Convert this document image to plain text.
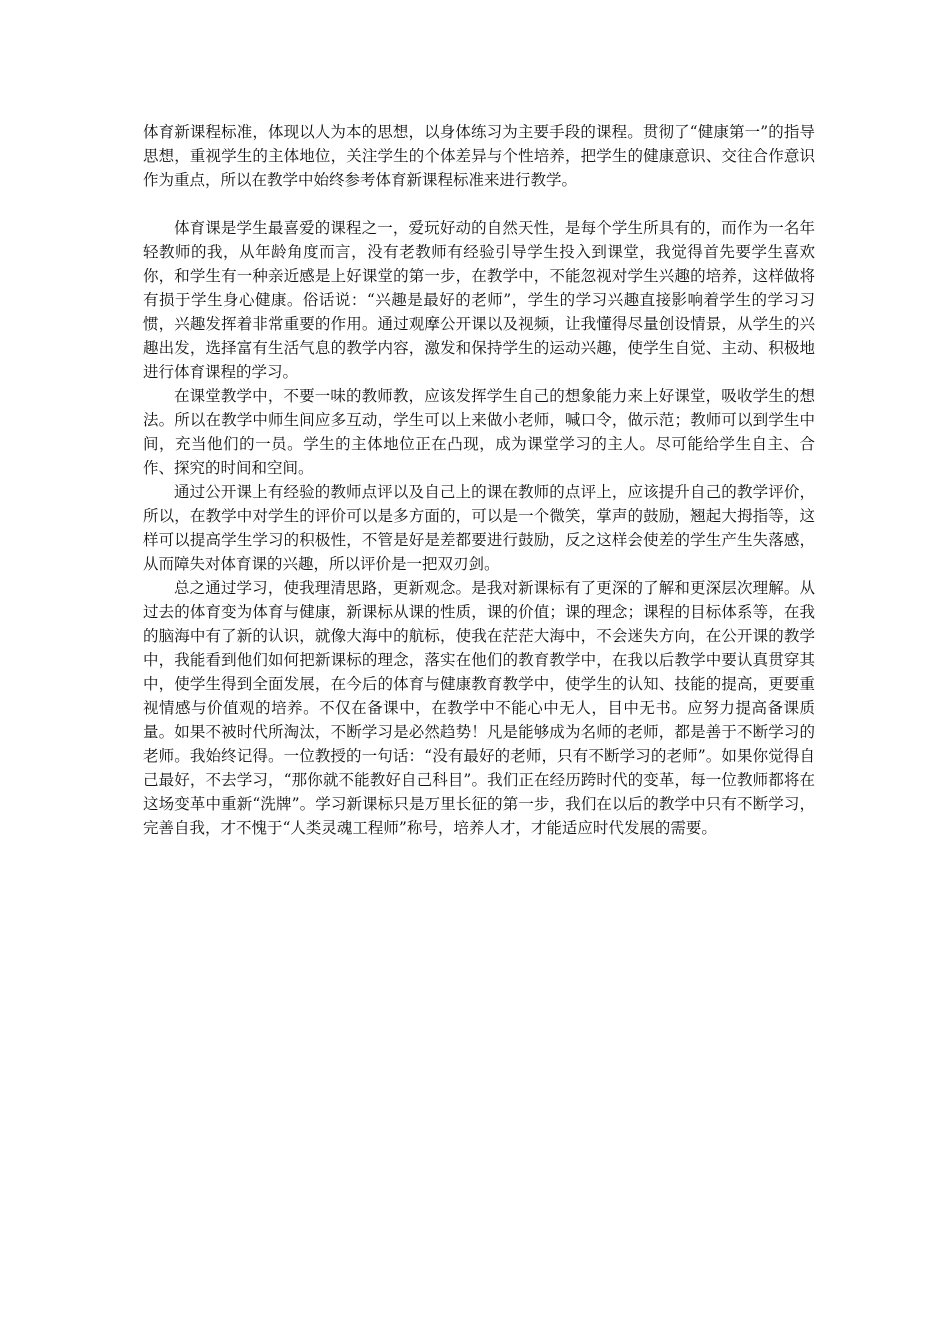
体育新课程标准，体现以人为本的思想，以身体练习为主要手段的课程。贯彻了“健康第一”的指导思想，重视学生的主体地位，关注学生的个体差异与个性培养，把学生的健康意识、交往合作意识作为重点，所以在教学中始终参考体育新课程标准来进行教学。

体育课是学生最喜爱的课程之一，爱玩好动的自然天性，是每个学生所具有的，而作为一名年轻教师的我，从年龄角度而言，没有老教师有经验引导学生投入到课堂，我觉得首先要学生喜欢你，和学生有一种亲近感是上好课堂的第一步，在教学中，不能忽视对学生兴趣的培养，这样做将有损于学生身心健康。俗话说：“兴趣是最好的老师”，学生的学习兴趣直接影响着学生的学习习惯，兴趣发挥着非常重要的作用。通过观摩公开课以及视频，让我懂得尽量创设情景，从学生的兴趣出发，选择富有生活气息的教学内容，激发和保持学生的运动兴趣，使学生自觉、主动、积极地进行体育课程的学习。

在课堂教学中，不要一味的教师教，应该发挥学生自己的想象能力来上好课堂，吸收学生的想法。所以在教学中师生间应多互动，学生可以上来做小老师，喊口令，做示范；教师可以到学生中间，充当他们的一员。学生的主体地位正在凸现，成为课堂学习的主人。尽可能给学生自主、合作、探究的时间和空间。

通过公开课上有经验的教师点评以及自己上的课在教师的点评上，应该提升自己的教学评价，所以，在教学中对学生的评价可以是多方面的，可以是一个微笑，掌声的鼓励，翘起大拇指等，这样可以提高学生学习的积极性，不管是好是差都要进行鼓励，反之这样会使差的学生产生失落感，从而障失对体育课的兴趣，所以评价是一把双刃剑。

总之通过学习，使我理清思路，更新观念。是我对新课标有了更深的了解和更深层次理解。从过去的体育变为体育与健康，新课标从课的性质，课的价值；课的理念；课程的目标体系等，在我的脑海中有了新的认识，就像大海中的航标，使我在茫茫大海中，不会迷失方向，在公开课的教学中，我能看到他们如何把新课标的理念，落实在他们的教育教学中，在我以后教学中要认真贯穿其中，使学生得到全面发展，在今后的体育与健康教育教学中，使学生的认知、技能的提高，更要重视情感与价值观的培养。不仅在备课中，在教学中不能心中无人，目中无书。应努力提高备课质量。如果不被时代所淘汰，不断学习是必然趋势！凡是能够成为名师的老师，都是善于不断学习的老师。我始终记得。一位教授的一句话：“没有最好的老师，只有不断学习的老师”。如果你觉得自己最好，不去学习，“那你就不能教好自己科目”。我们正在经历跨时代的变革，每一位教师都将在这场变革中重新“洗牌”。学习新课标只是万里长征的第一步，我们在以后的教学中只有不断学习，完善自我，才不愧于“人类灵魂工程师”称号，培养人才，才能适应时代发展的需要。
